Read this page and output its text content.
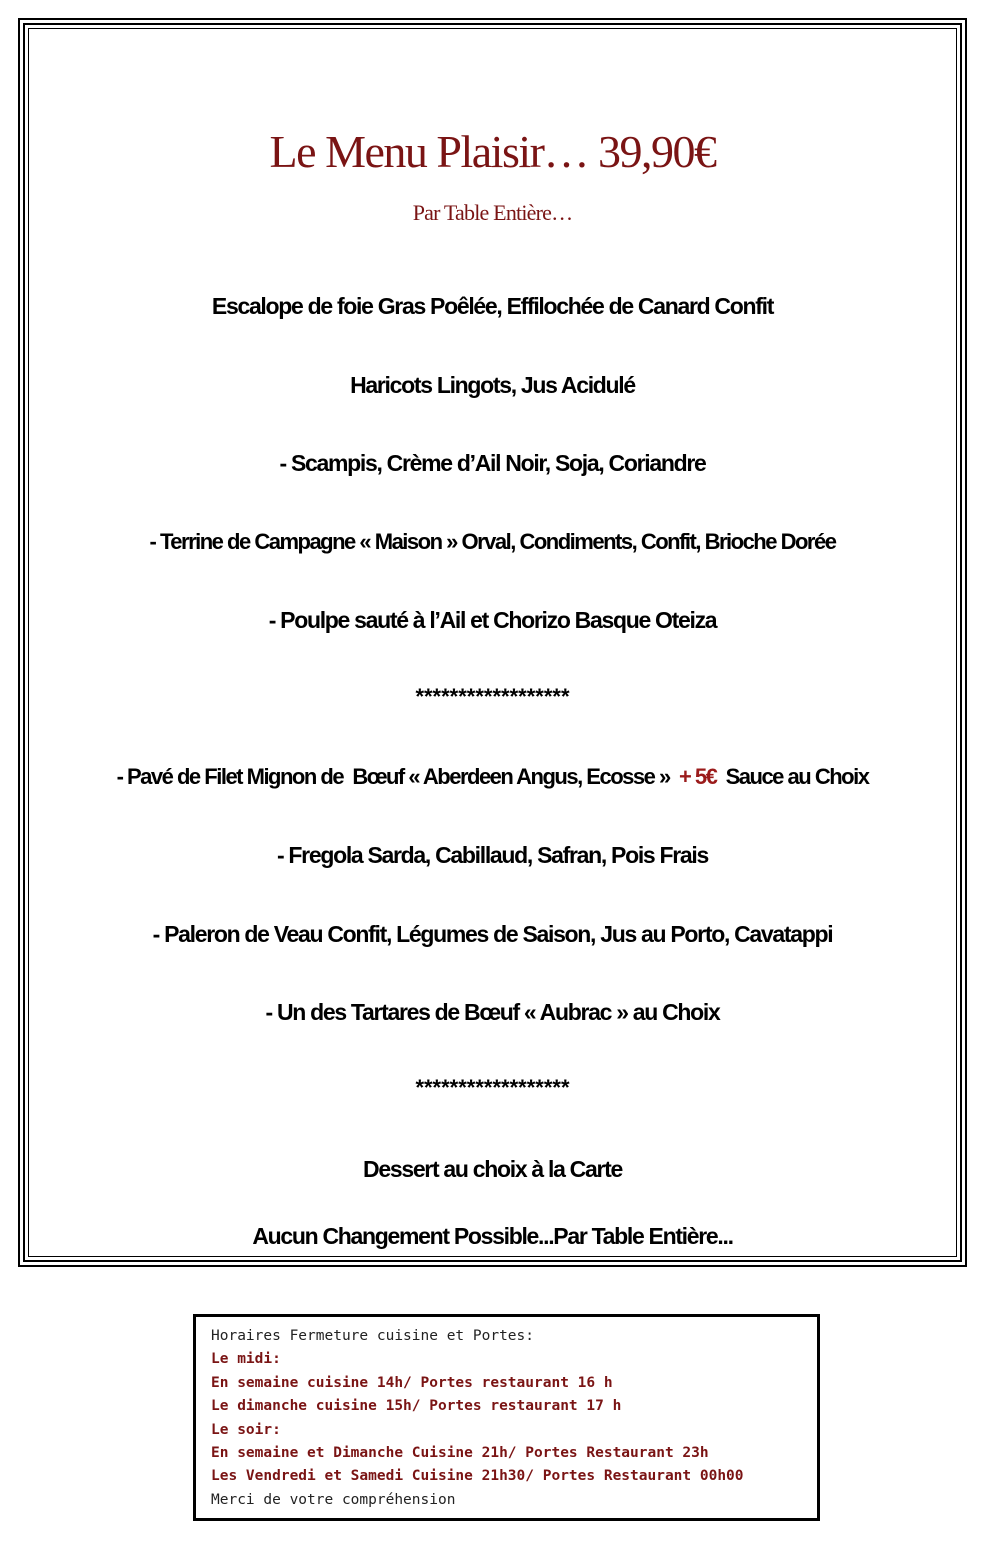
Le Menu Plaisir… 39,90€
Par Table Entière…
Escalope de foie Gras Poêlée, Effilochée de Canard Confit
Haricots Lingots, Jus Acidulé
- Scampis, Crème d’Ail Noir, Soja, Coriandre
- Terrine de Campagne « Maison » Orval, Condiments, Confit, Brioche Dorée
- Poulpe sauté à l’Ail et Chorizo Basque Oteiza
******************
- Pavé de Filet Mignon de  Bœuf « Aberdeen Angus, Ecosse »  + 5€  Sauce au Choix
- Fregola Sarda, Cabillaud, Safran, Pois Frais
- Paleron de Veau Confit, Légumes de Saison, Jus au Porto, Cavatappi
- Un des Tartares de Bœuf « Aubrac » au Choix
******************
Dessert au choix à la Carte
Aucun Changement Possible...Par Table Entière...
Horaires Fermeture cuisine et Portes:
Le midi:
En semaine cuisine 14h/ Portes restaurant 16 h
Le dimanche cuisine 15h/ Portes restaurant 17 h
Le soir:
En semaine et Dimanche Cuisine 21h/ Portes Restaurant 23h
Les Vendredi et Samedi Cuisine 21h30/ Portes Restaurant 00h00
Merci de votre compréhension
